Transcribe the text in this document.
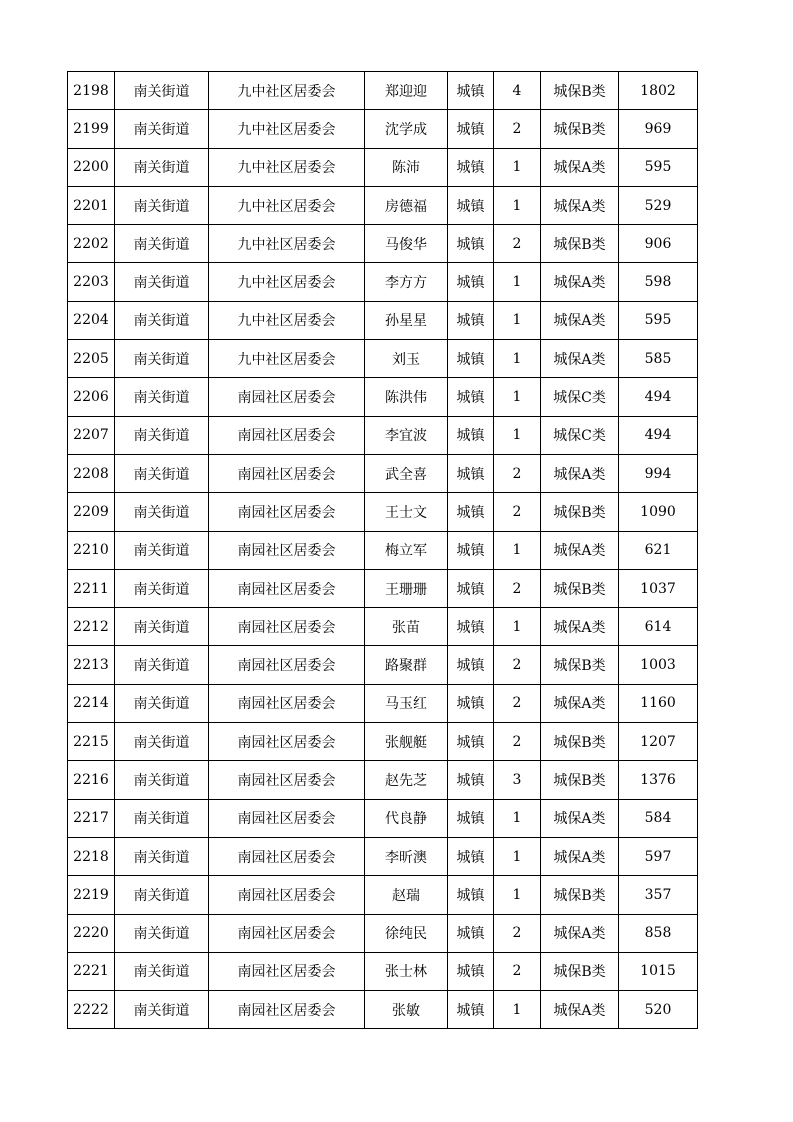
2198	南关街道	九中社区居委会	郑迎迎	城镇	4	城保B类	1802
2199	南关街道	九中社区居委会	沈学成	城镇	2	城保B类	969
2200	南关街道	九中社区居委会	陈沛	城镇	1	城保A类	595
2201	南关街道	九中社区居委会	房德福	城镇	1	城保A类	529
2202	南关街道	九中社区居委会	马俊华	城镇	2	城保B类	906
2203	南关街道	九中社区居委会	李方方	城镇	1	城保A类	598
2204	南关街道	九中社区居委会	孙星星	城镇	1	城保A类	595
2205	南关街道	九中社区居委会	刘玉	城镇	1	城保A类	585
2206	南关街道	南园社区居委会	陈洪伟	城镇	1	城保C类	494
2207	南关街道	南园社区居委会	李宜波	城镇	1	城保C类	494
2208	南关街道	南园社区居委会	武全喜	城镇	2	城保A类	994
2209	南关街道	南园社区居委会	王士文	城镇	2	城保B类	1090
2210	南关街道	南园社区居委会	梅立军	城镇	1	城保A类	621
2211	南关街道	南园社区居委会	王珊珊	城镇	2	城保B类	1037
2212	南关街道	南园社区居委会	张苗	城镇	1	城保A类	614
2213	南关街道	南园社区居委会	路聚群	城镇	2	城保B类	1003
2214	南关街道	南园社区居委会	马玉红	城镇	2	城保A类	1160
2215	南关街道	南园社区居委会	张舰艇	城镇	2	城保B类	1207
2216	南关街道	南园社区居委会	赵先芝	城镇	3	城保B类	1376
2217	南关街道	南园社区居委会	代良静	城镇	1	城保A类	584
2218	南关街道	南园社区居委会	李昕澳	城镇	1	城保A类	597
2219	南关街道	南园社区居委会	赵瑞	城镇	1	城保B类	357
2220	南关街道	南园社区居委会	徐纯民	城镇	2	城保A类	858
2221	南关街道	南园社区居委会	张士林	城镇	2	城保B类	1015
2222	南关街道	南园社区居委会	张敏	城镇	1	城保A类	520
